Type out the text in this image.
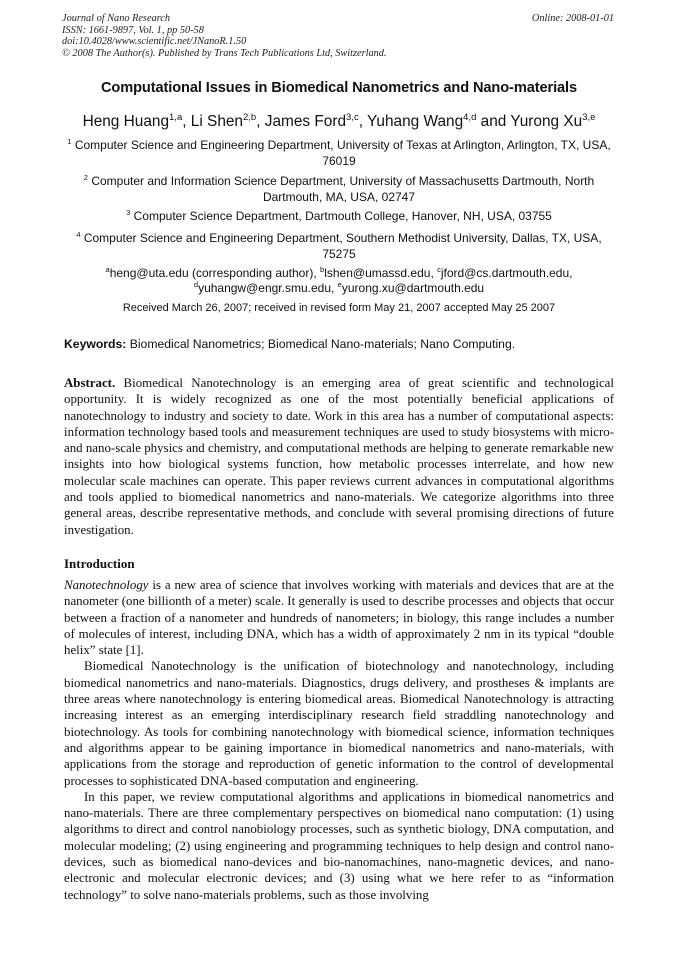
Journal of Nano Research
ISSN: 1661-9897, Vol. 1, pp 50-58
doi:10.4028/www.scientific.net/JNanoR.1.50
© 2008 The Author(s). Published by Trans Tech Publications Ltd, Switzerland.
Online: 2008-01-01
Computational Issues in Biomedical Nanometrics and Nano-materials
Heng Huang$^{1,a}$, Li Shen$^{2,b}$, James Ford$^{3,c}$, Yuhang Wang$^{4,d}$ and Yurong Xu$^{3,e}$
$^1$ Computer Science and Engineering Department, University of Texas at Arlington, Arlington, TX, USA, 76019
$^2$ Computer and Information Science Department, University of Massachusetts Dartmouth, North Dartmouth, MA, USA, 02747
$^3$ Computer Science Department, Dartmouth College, Hanover, NH, USA, 03755
$^4$ Computer Science and Engineering Department, Southern Methodist University, Dallas, TX, USA, 75275
$^a$heng@uta.edu (corresponding author), $^b$lshen@umassd.edu, $^c$jford@cs.dartmouth.edu,
$^d$yuhangw@engr.smu.edu, $^e$yurong.xu@dartmouth.edu
Received March 26, 2007; received in revised form May 21, 2007 accepted May 25 2007
Keywords: Biomedical Nanometrics; Biomedical Nano-materials; Nano Computing.
Abstract. Biomedical Nanotechnology is an emerging area of great scientific and technological opportunity. It is widely recognized as one of the most potentially beneficial applications of nanotechnology to industry and society to date. Work in this area has a number of computational aspects: information technology based tools and measurement techniques are used to study biosystems with micro- and nano-scale physics and chemistry, and computational methods are helping to generate remarkable new insights into how biological systems function, how metabolic processes interrelate, and how new molecular scale machines can operate. This paper reviews current advances in computational algorithms and tools applied to biomedical nanometrics and nano-materials. We categorize algorithms into three general areas, describe representative methods, and conclude with several promising directions of future investigation.
Introduction

Nanotechnology is a new area of science that involves working with materials and devices that are at the nanometer (one billionth of a meter) scale. It generally is used to describe processes and objects that occur between a fraction of a nanometer and hundreds of nanometers; in biology, this range includes a number of molecules of interest, including DNA, which has a width of approximately 2 nm in its typical “double helix” state [1].

Biomedical Nanotechnology is the unification of biotechnology and nanotechnology, including biomedical nanometrics and nano-materials. Diagnostics, drugs delivery, and prostheses & implants are three areas where nanotechnology is entering biomedical areas. Biomedical Nanotechnology is attracting increasing interest as an emerging interdisciplinary research field straddling nanotechnology and biotechnology. As tools for combining nanotechnology with biomedical science, information techniques and algorithms appear to be gaining importance in biomedical nanometrics and nano-materials, with applications from the storage and reproduction of genetic information to the control of developmental processes to sophisticated DNA-based computation and engineering.

In this paper, we review computational algorithms and applications in biomedical nanometrics and nano-materials. There are three complementary perspectives on biomedical nano computation: (1) using algorithms to direct and control nanobiology processes, such as synthetic biology, DNA computation, and molecular modeling; (2) using engineering and programming techniques to help design and control nano-devices, such as biomedical nano-devices and bio-nanomachines, nano-magnetic devices, and nano-electronic and molecular electronic devices; and (3) using what we here refer to as “information technology” to solve nano-materials problems, such as those involving
